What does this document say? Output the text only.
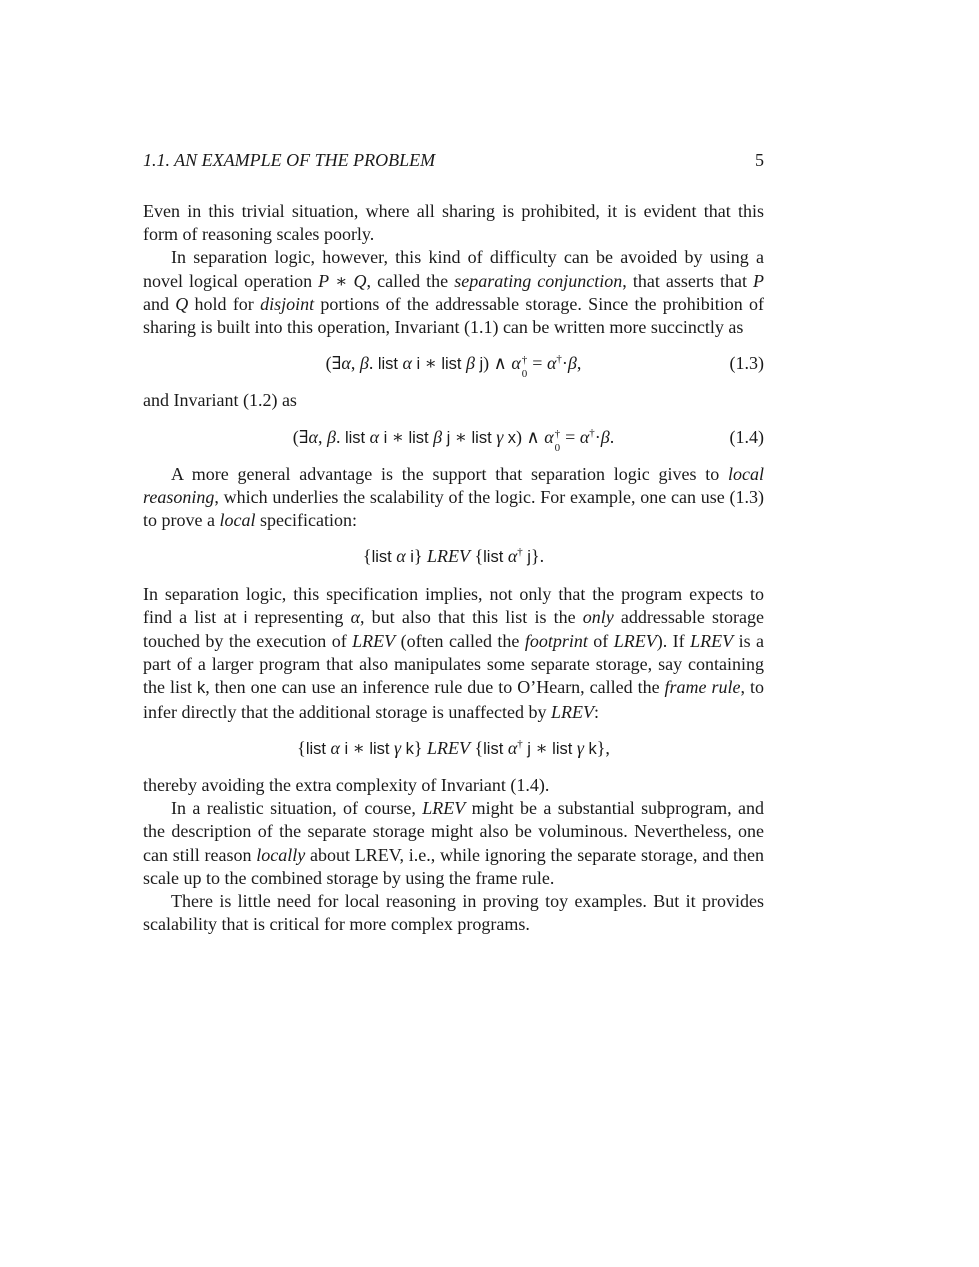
1.1. AN EXAMPLE OF THE PROBLEM	5

Even in this trivial situation, where all sharing is prohibited, it is evident that this form of reasoning scales poorly.

In separation logic, however, this kind of difficulty can be avoided by using a novel logical operation P ∗ Q, called the separating conjunction, that asserts that P and Q hold for disjoint portions of the addressable storage. Since the prohibition of sharing is built into this operation, Invariant (1.1) can be written more succinctly as

(∃α, β. list α i ∗ list β j) ∧ α †
0
= α†·β,	(1.3)

and Invariant (1.2) as

(∃α, β. list α i ∗ list β j ∗ list γ x) ∧ α †
0
= α†·β.	(1.4)

A more general advantage is the support that separation logic gives to local reasoning, which underlies the scalability of the logic. For example, one can use (1.3) to prove a local specification:

{list α i} LREV {list α† j}.

In separation logic, this specification implies, not only that the program expects to find a list at i representing α, but also that this list is the only addressable storage touched by the execution of LREV (often called the footprint of LREV). If LREV is a part of a larger program that also manipulates some separate storage, say containing the list k, then one can use an inference rule due to O’Hearn, called the frame rule, to infer directly that the additional storage is unaffected by LREV:

{list α i ∗ list γ k} LREV {list α† j ∗ list γ k},

thereby avoiding the extra complexity of Invariant (1.4).

In a realistic situation, of course, LREV might be a substantial subprogram, and the description of the separate storage might also be voluminous. Nevertheless, one can still reason locally about LREV, i.e., while ignoring the separate storage, and then scale up to the combined storage by using the frame rule.

There is little need for local reasoning in proving toy examples. But it provides scalability that is critical for more complex programs.
